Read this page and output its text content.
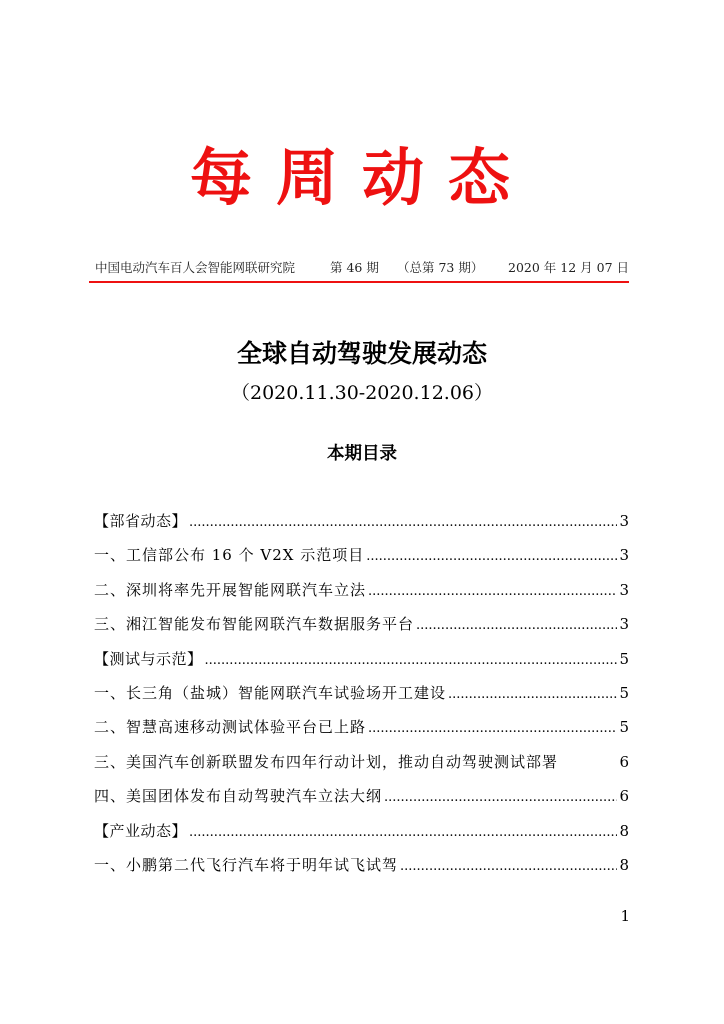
每周动态
中国电动汽车百人会智能网联研究院	第 46 期 （总第 73 期） 2020 年 12 月 07 日
全球自动驾驶发展动态
（2020.11.30-2020.12.06）
本期目录
【部省动态】 .....	3
一、工信部公布 16 个 V2X 示范项目 .....	3
二、深圳将率先开展智能网联汽车立法 .....	3
三、湘江智能发布智能网联汽车数据服务平台 .....	3
【测试与示范】 .....	5
一、长三角（盐城）智能网联汽车试验场开工建设 .....	5
二、智慧高速移动测试体验平台已上路 .....	5
三、美国汽车创新联盟发布四年行动计划，推动自动驾驶测试部署	6
四、美国团体发布自动驾驶汽车立法大纲 .....	6
【产业动态】 .....	8
一、小鹏第二代飞行汽车将于明年试飞试驾 .....	8
1
